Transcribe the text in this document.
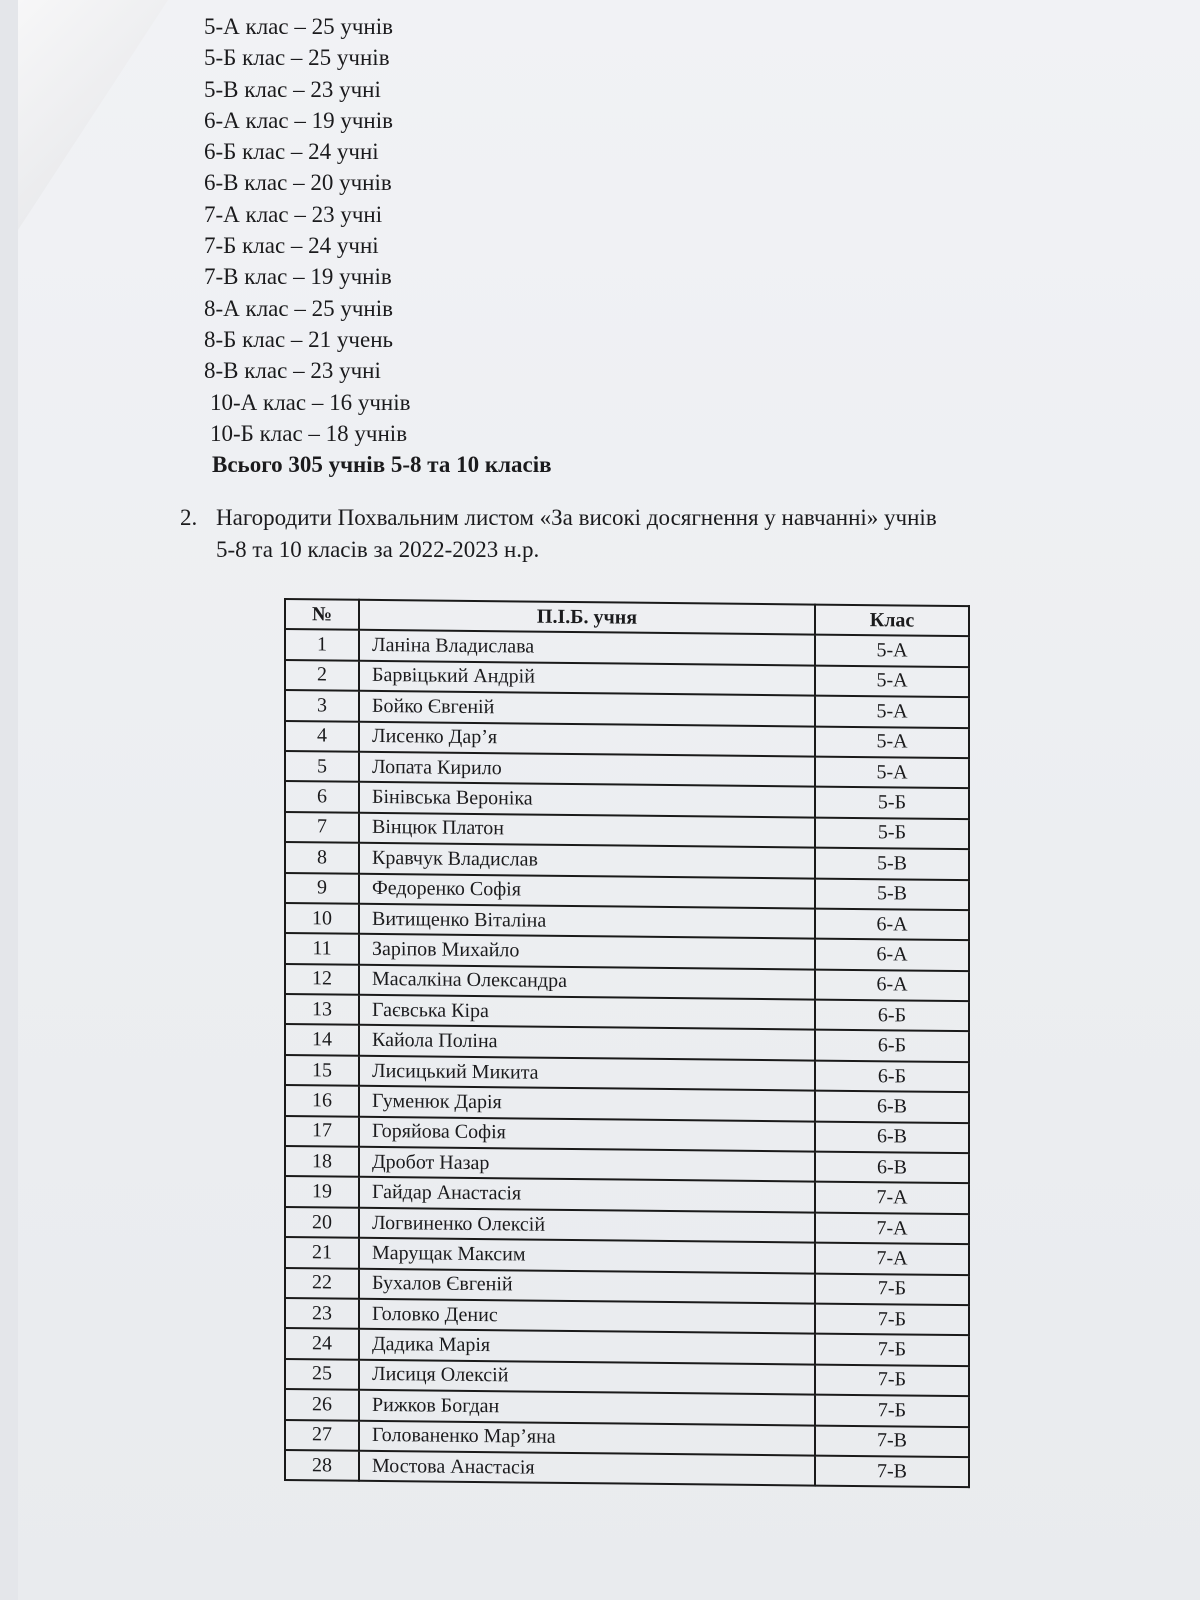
5-А клас – 25 учнів
5-Б клас – 25 учнів
5-В клас – 23 учні
6-А клас – 19 учнів
6-Б клас – 24 учні
6-В клас – 20 учнів
7-А клас – 23 учні
7-Б клас – 24 учні
7-В клас – 19 учнів
8-А клас – 25 учнів
8-Б клас – 21 учень
8-В клас – 23 учні
10-А клас – 16 учнів
10-Б клас – 18 учнів
Всього 305 учнів 5-8 та 10 класів
2. Нагородити Похвальним листом «За високі досягнення у навчанні» учнів
5-8 та 10 класів за 2022-2023 н.р.
№	П.І.Б. учня	Клас
1	Ланіна Владислава	5-А
2	Барвіцький Андрій	5-А
3	Бойко Євгеній	5-А
4	Лисенко Дар’я	5-А
5	Лопата Кирило	5-А
6	Бінівська Вероніка	5-Б
7	Вінцюк Платон	5-Б
8	Кравчук Владислав	5-В
9	Федоренко Софія	5-В
10	Витищенко Віталіна	6-А
11	Заріпов Михайло	6-А
12	Масалкіна Олександра	6-А
13	Гаєвська Кіра	6-Б
14	Кайола Поліна	6-Б
15	Лисицький Микита	6-Б
16	Гуменюк Дарія	6-В
17	Горяйова Софія	6-В
18	Дробот Назар	6-В
19	Гайдар Анастасія	7-А
20	Логвиненко Олексій	7-А
21	Марущак Максим	7-А
22	Бухалов Євгеній	7-Б
23	Головко Денис	7-Б
24	Дадика Марія	7-Б
25	Лисиця Олексій	7-Б
26	Рижков Богдан	7-Б
27	Голованенко Мар’яна	7-В
28	Мостова Анастасія	7-В
